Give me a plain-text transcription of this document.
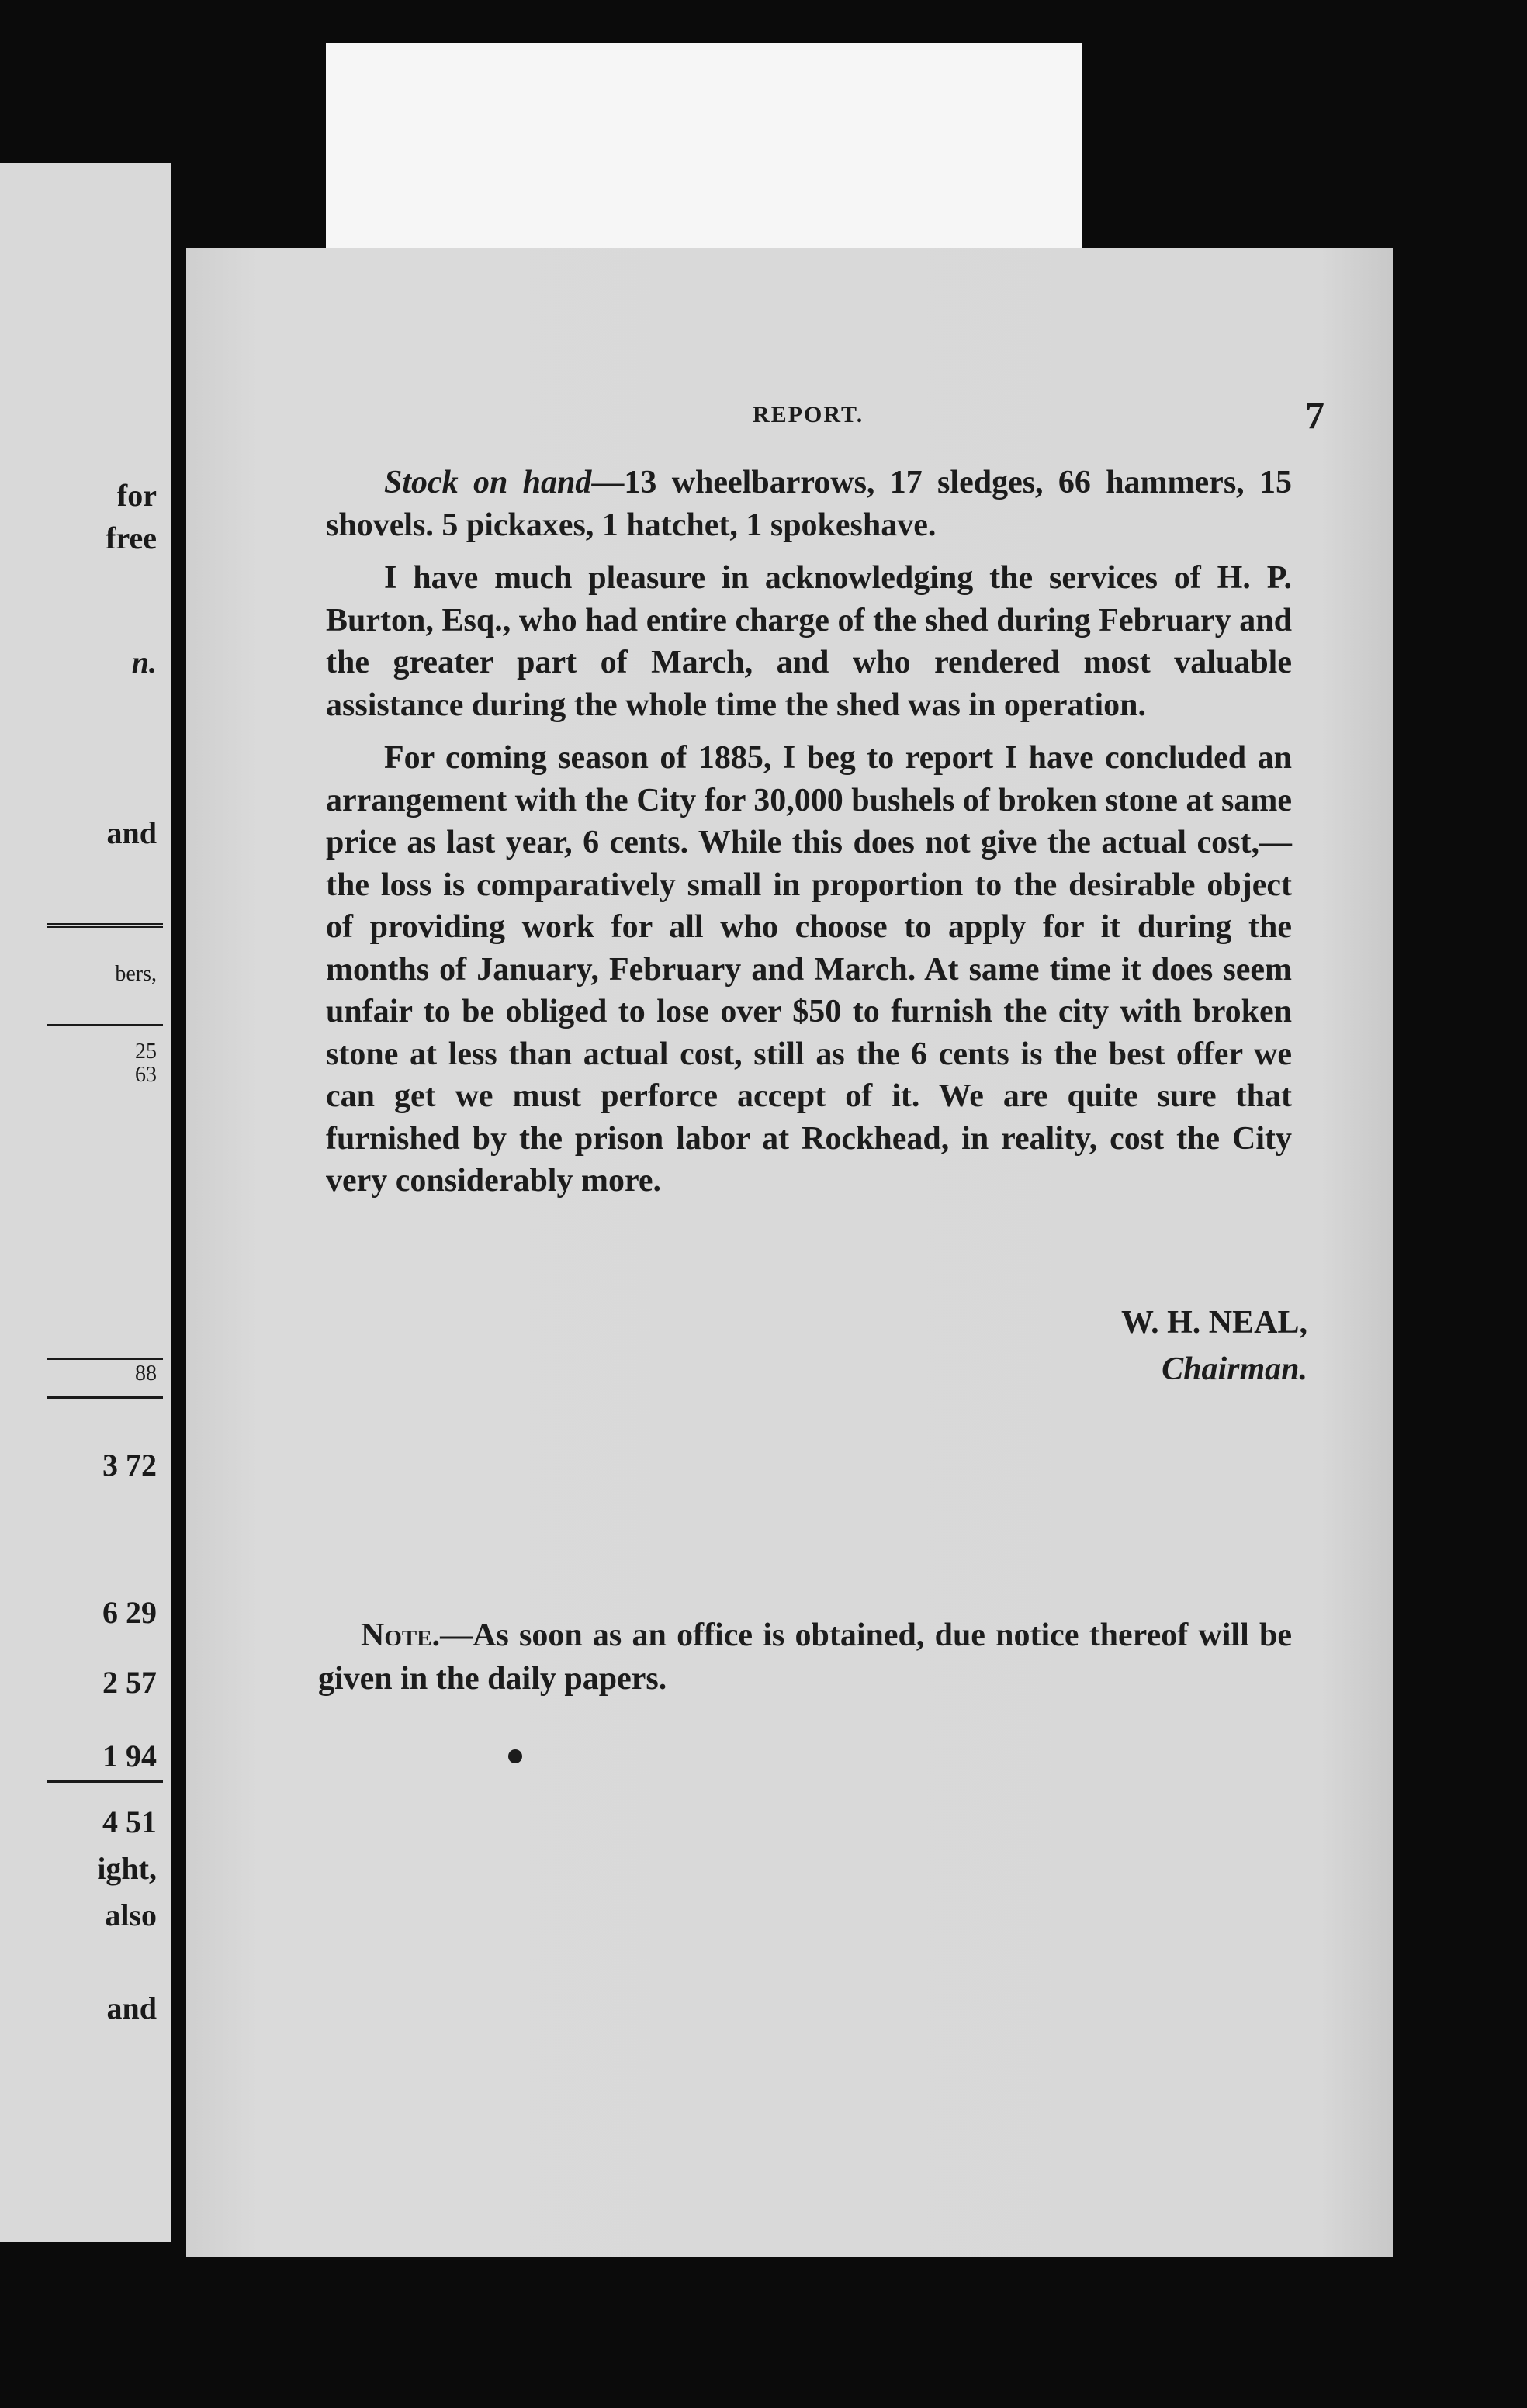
for
free
n.
and
bers,
25
63
88
3 72
6 29
2 57
1 94
4 51
ight,
also
and
REPORT.	7

Stock on hand—13 wheelbarrows, 17 sledges, 66 hammers, 15 shovels. 5 pickaxes, 1 hatchet, 1 spokeshave.

I have much pleasure in acknowledging the services of H. P. Burton, Esq., who had entire charge of the shed during February and the greater part of March, and who rendered most valuable assistance during the whole time the shed was in operation.

For coming season of 1885, I beg to report I have concluded an arrangement with the City for 30,000 bushels of broken stone at same price as last year, 6 cents. While this does not give the actual cost,—the loss is comparatively small in proportion to the desirable object of providing work for all who choose to apply for it during the months of January, February and March. At same time it does seem unfair to be obliged to lose over $50 to furnish the city with broken stone at less than actual cost, still as the 6 cents is the best offer we can get we must perforce accept of it. We are quite sure that furnished by the prison labor at Rockhead, in reality, cost the City very considerably more.

W. H. NEAL,
Chairman.
Note.—As soon as an office is obtained, due notice thereof will be given in the daily papers.
